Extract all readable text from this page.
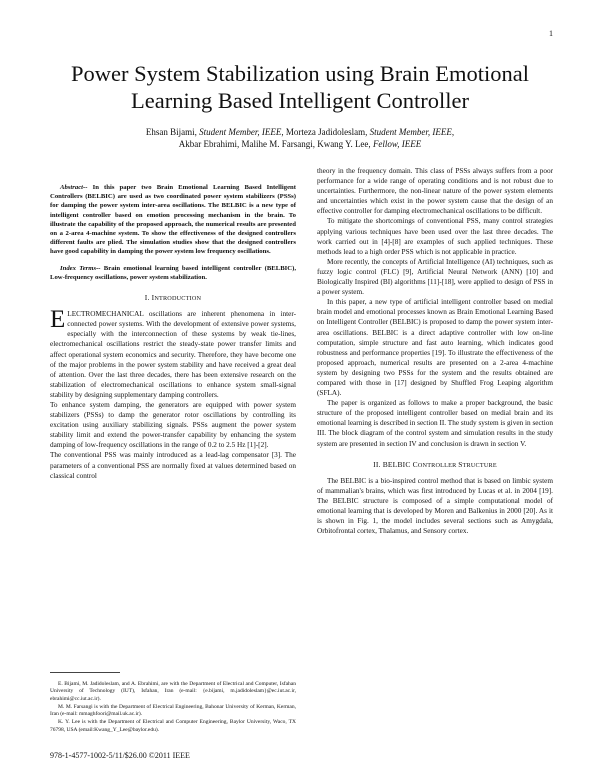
1
Power System Stabilization using Brain Emotional Learning Based Intelligent Controller
Ehsan Bijami, Student Member, IEEE, Morteza Jadidoleslam, Student Member, IEEE,
Akbar Ebrahimi, Malihe M. Farsangi, Kwang Y. Lee, Fellow, IEEE

Abstract-- In this paper two Brain Emotional Learning Based Intelligent Controllers (BELBIC) are used as two coordinated power system stabilizers (PSSs) for damping the power system inter-area oscillations. The BELBIC is a new type of intelligent controller based on emotion processing mechanism in the brain. To illustrate the capability of the proposed approach, the numerical results are presented on a 2-area 4-machine system. To show the effectiveness of the designed controllers different faults are plied. The simulation studies show that the designed controllers have good capability in damping the power system low frequency oscillations.

Index Terms-- Brain emotional learning based intelligent controller (BELBIC), Low-frequency oscillations, power system stabilization.

I. INTRODUCTION

ELECTROMECHANICAL oscillations are inherent phenomena in inter-connected power systems. With the development of extensive power systems, especially with the interconnection of these systems by weak tie-lines, electromechanical oscillations restrict the steady-state power transfer limits and affect operational system economics and security. Therefore, they have become one of the major problems in the power system stability and have received a great deal of attention. Over the last three decades, there has been extensive research on the stabilization of electromechanical oscillations to enhance system small-signal stability by designing supplementary damping controllers.

To enhance system damping, the generators are equipped with power system stabilizers (PSSs) to damp the generator rotor oscillations by controlling its excitation using auxiliary stabilizing signals. PSSs augment the power system stability limit and extend the power-transfer capability by enhancing the system damping of low-frequency oscillations in the range of 0.2 to 2.5 Hz [1]-[2].

The conventional PSS was mainly introduced as a lead-lag compensator [3]. The parameters of a conventional PSS are normally fixed at values determined based on classical control

theory in the frequency domain. This class of PSSs always suffers from a poor performance for a wide range of operating conditions and is not robust due to uncertainties. Furthermore, the non-linear nature of the power system elements and uncertainties which exist in the power system cause that the design of an effective controller for damping electromechanical oscillations to be difficult.

To mitigate the shortcomings of conventional PSS, many control strategies applying various techniques have been used over the last three decades. The work carried out in [4]-[8] are examples of such applied techniques. These methods lead to a high order PSS which is not applicable in practice.

More recently, the concepts of Artificial Intelligence (AI) techniques, such as fuzzy logic control (FLC) [9], Artificial Neural Network (ANN) [10] and Biologically Inspired (BI) algorithms [11]-[18], were applied to design of PSS in a power system.

In this paper, a new type of artificial intelligent controller based on medial brain model and emotional processes known as Brain Emotional Learning Based on Intelligent Controller (BELBIC) is proposed to damp the power system inter-area oscillations. BELBIC is a direct adaptive controller with low on-line computation, simple structure and fast auto learning, which indicates good robustness and performance properties [19]. To illustrate the effectiveness of the proposed approach, numerical results are presented on a 2-area 4-machine system by designing two PSSs for the system and the results obtained are compared with those in [17] designed by Shuffled Frog Leaping algorithm (SFLA).

The paper is organized as follows to make a proper background, the basic structure of the proposed intelligent controller based on medial brain and its emotional learning is described in section II. The study system is given in section III. The block diagram of the control system and simulation results in the study system are presented in section IV and conclusion is drawn in section V.

II. BELBIC CONTROLLER STRUCTURE

The BELBIC is a bio-inspired control method that is based on limbic system of mammalian's brains, which was first introduced by Lucas et al. in 2004 [19]. The BELBIC structure is composed of a simple computational model of emotional learning that is developed by Moren and Balkenius in 2000 [20]. As it is shown in Fig. 1, the model includes several sections such as Amygdala, Orbitofrontal cortex, Thalamus, and Sensory cortex.

E. Bijami, M. Jadidoleslam, and A. Ebrahimi, are with the Department of Electrical and Computer, Isfahan University of Technology (IUT), Isfahan, Iran (e-mail: {e.bijami, m.jadidoleslam}@ec.iut.ac.ir, ebrahimi@cc.iut.ac.ir).

M. M. Farsangi is with the Department of Electrical Engineering, Bahonar University of Kerman, Kerman, Iran (e-mail: mmaghfoori@mail.uk.ac.ir).

K. Y. Lee is with the Department of Electrical and Computer Engineering, Baylor University, Waco, TX 76798, USA (email:Kwang_Y_Lee@baylor.edu).

978-1-4577-1002-5/11/$26.00 ©2011 IEEE
